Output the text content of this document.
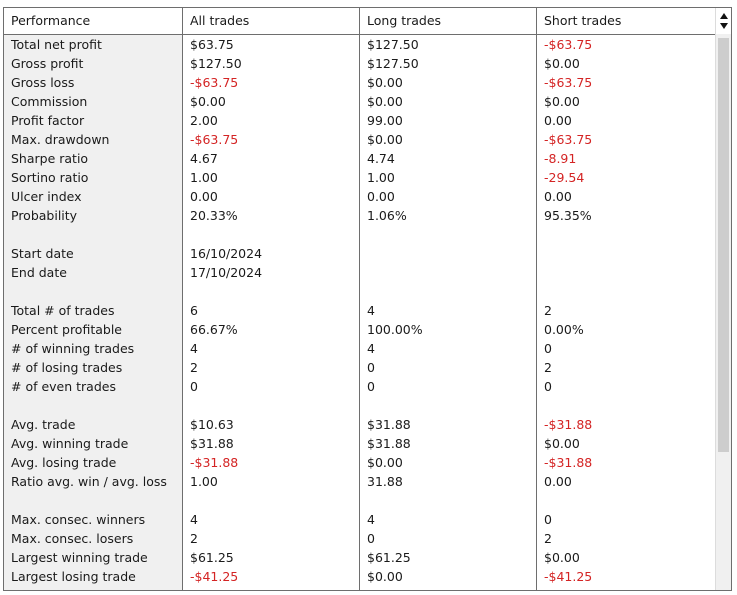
Performance	All trades	Long trades	Short trades
Total net profit	$63.75	$127.50	-$63.75
Gross profit	$127.50	$127.50	$0.00
Gross loss	-$63.75	$0.00	-$63.75
Commission	$0.00	$0.00	$0.00
Profit factor	2.00	99.00	0.00
Max. drawdown	-$63.75	$0.00	-$63.75
Sharpe ratio	4.67	4.74	-8.91
Sortino ratio	1.00	1.00	-29.54
Ulcer index	0.00	0.00	0.00
Probability	20.33%	1.06%	95.35%
Start date	16/10/2024
End date	17/10/2024
Total # of trades	6	4	2
Percent profitable	66.67%	100.00%	0.00%
# of winning trades	4	4	0
# of losing trades	2	0	2
# of even trades	0	0	0
Avg. trade	$10.63	$31.88	-$31.88
Avg. winning trade	$31.88	$31.88	$0.00
Avg. losing trade	-$31.88	$0.00	-$31.88
Ratio avg. win / avg. loss	1.00	31.88	0.00
Max. consec. winners	4	4	0
Max. consec. losers	2	0	2
Largest winning trade	$61.25	$61.25	$0.00
Largest losing trade	-$41.25	$0.00	-$41.25
